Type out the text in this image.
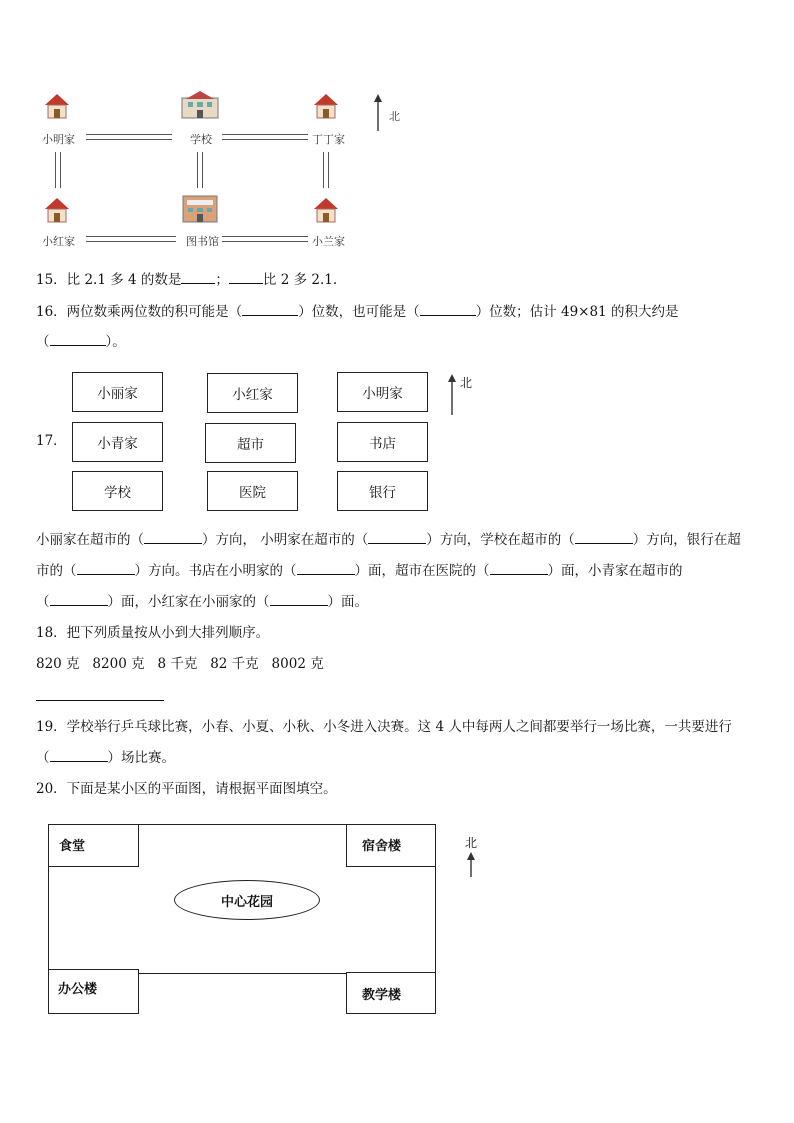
小明家	学校	丁丁家
小红家	图书馆	小兰家
北
15．比 2.1 多 4 的数是	；	比 2 多 2.1.
16．两位数乘两位数的积可能是（	）位数，也可能是（	）位数；估计 49×81 的积大约是
（	）。
17．
小丽家	小红家	小明家
小青家	超市	书店
学校	医院	银行
北
小丽家在超市的（	）方向， 小明家在超市的（	）方向，学校在超市的（	）方向，银行在超
市的（	）方向。书店在小明家的（	）面，超市在医院的（	）面，小青家在超市的
（	）面，小红家在小丽家的（	）面。
18．把下列质量按从小到大排列顺序。
820 克   8200 克   8 千克   82 千克   8002 克
19．学校举行乒乓球比赛，小春、小夏、小秋、小冬进入决赛。这 4 人中每两人之间都要举行一场比赛，一共要进行
（	）场比赛。
20．下面是某小区的平面图，请根据平面图填空。
食堂	宿舍楼
办公楼	教学楼
中心花园
北
